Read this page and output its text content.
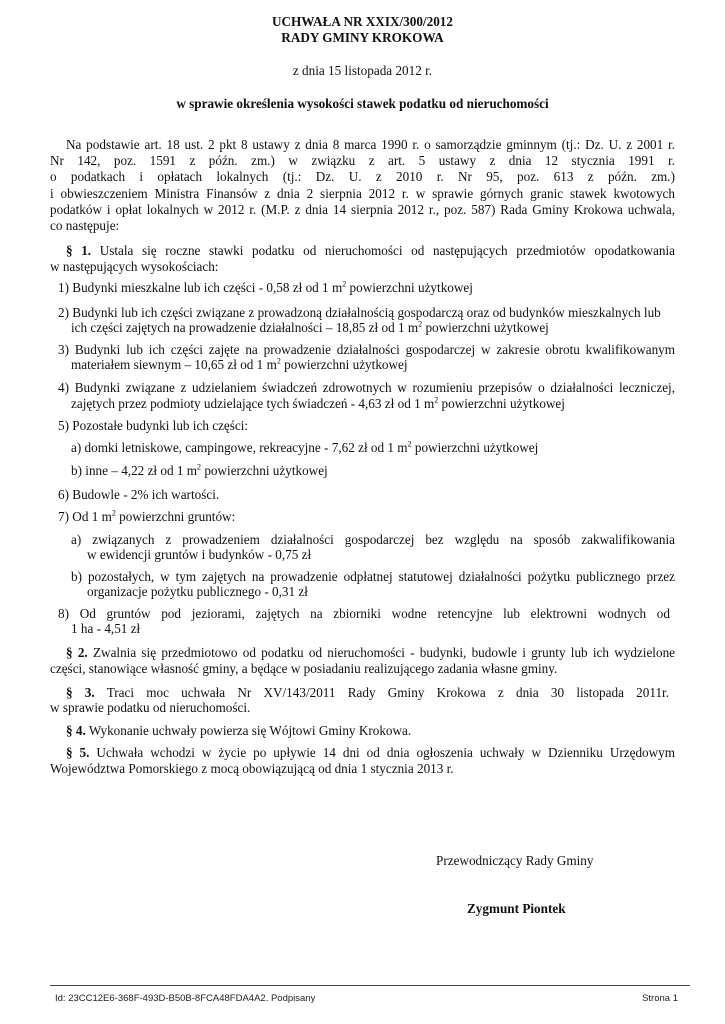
UCHWAŁA NR XXIX/300/2012
RADY GMINY KROKOWA
z dnia 15 listopada 2012 r.
w sprawie określenia wysokości stawek podatku od nieruchomości
Na podstawie art. 18 ust. 2 pkt 8 ustawy z dnia 8 marca 1990 r. o samorządzie gminnym (tj.: Dz. U. z 2001 r.
Nr 142, poz. 1591 z późn. zm.) w związku z art. 5 ustawy z dnia 12 stycznia 1991 r.
o podatkach i opłatach lokalnych (tj.: Dz. U. z 2010 r. Nr 95, poz. 613 z późn. zm.)
i obwieszczeniem Ministra Finansów z dnia 2 sierpnia 2012 r. w sprawie górnych granic stawek kwotowych
podatków i opłat lokalnych w 2012 r. (M.P. z dnia 14 sierpnia 2012 r., poz. 587) Rada Gminy Krokowa uchwala,
co następuje:
§ 1. Ustala się roczne stawki podatku od nieruchomości od następujących przedmiotów opodatkowania
w następujących wysokościach:
1) Budynki mieszkalne lub ich części - 0,58 zł od 1 $m^2$ powierzchni użytkowej
2) Budynki lub ich części związane z prowadzoną działalnością gospodarczą oraz od budynków mieszkalnych lub
ich części zajętych na prowadzenie działalności – 18,85 zł od 1 $m^2$ powierzchni użytkowej
3) Budynki lub ich części zajęte na prowadzenie działalności gospodarczej w zakresie obrotu kwalifikowanym
materiałem siewnym – 10,65 zł od 1 $m^2$ powierzchni użytkowej
4) Budynki związane z udzielaniem świadczeń zdrowotnych w rozumieniu przepisów o działalności leczniczej,
zajętych przez podmioty udzielające tych świadczeń - 4,63 zł od 1 $m^2$ powierzchni użytkowej
5) Pozostałe budynki lub ich części:
a) domki letniskowe, campingowe, rekreacyjne - 7,62 zł od 1 $m^2$ powierzchni użytkowej
b) inne – 4,22 zł od 1 $m^2$ powierzchni użytkowej
6) Budowle - 2% ich wartości.
7) Od 1 $m^2$ powierzchni gruntów:
a) związanych z prowadzeniem działalności gospodarczej bez względu na sposób zakwalifikowania
w ewidencji gruntów i budynków - 0,75 zł
b) pozostałych, w tym zajętych na prowadzenie odpłatnej statutowej działalności pożytku publicznego przez
organizacje pożytku publicznego - 0,31 zł
8) Od gruntów pod jeziorami, zajętych na zbiorniki wodne retencyjne lub elektrowni wodnych od
1 ha - 4,51 zł
§ 2. Zwalnia się przedmiotowo od podatku od nieruchomości - budynki, budowle i grunty lub ich wydzielone
części, stanowiące własność gminy, a będące w posiadaniu realizującego zadania własne gminy.
§ 3. Traci moc uchwała Nr XV/143/2011 Rady Gminy Krokowa z dnia 30 listopada 2011r.
w sprawie podatku od nieruchomości.
§ 4. Wykonanie uchwały powierza się Wójtowi Gminy Krokowa.
§ 5. Uchwała wchodzi w życie po upływie 14 dni od dnia ogłoszenia uchwały w Dzienniku Urzędowym
Województwa Pomorskiego z mocą obowiązującą od dnia 1 stycznia 2013 r.
Przewodniczący Rady Gminy
Zygmunt Piontek
Id: 23CC12E6-368F-493D-B50B-8FCA48FDA4A2. Podpisany	Strona 1
